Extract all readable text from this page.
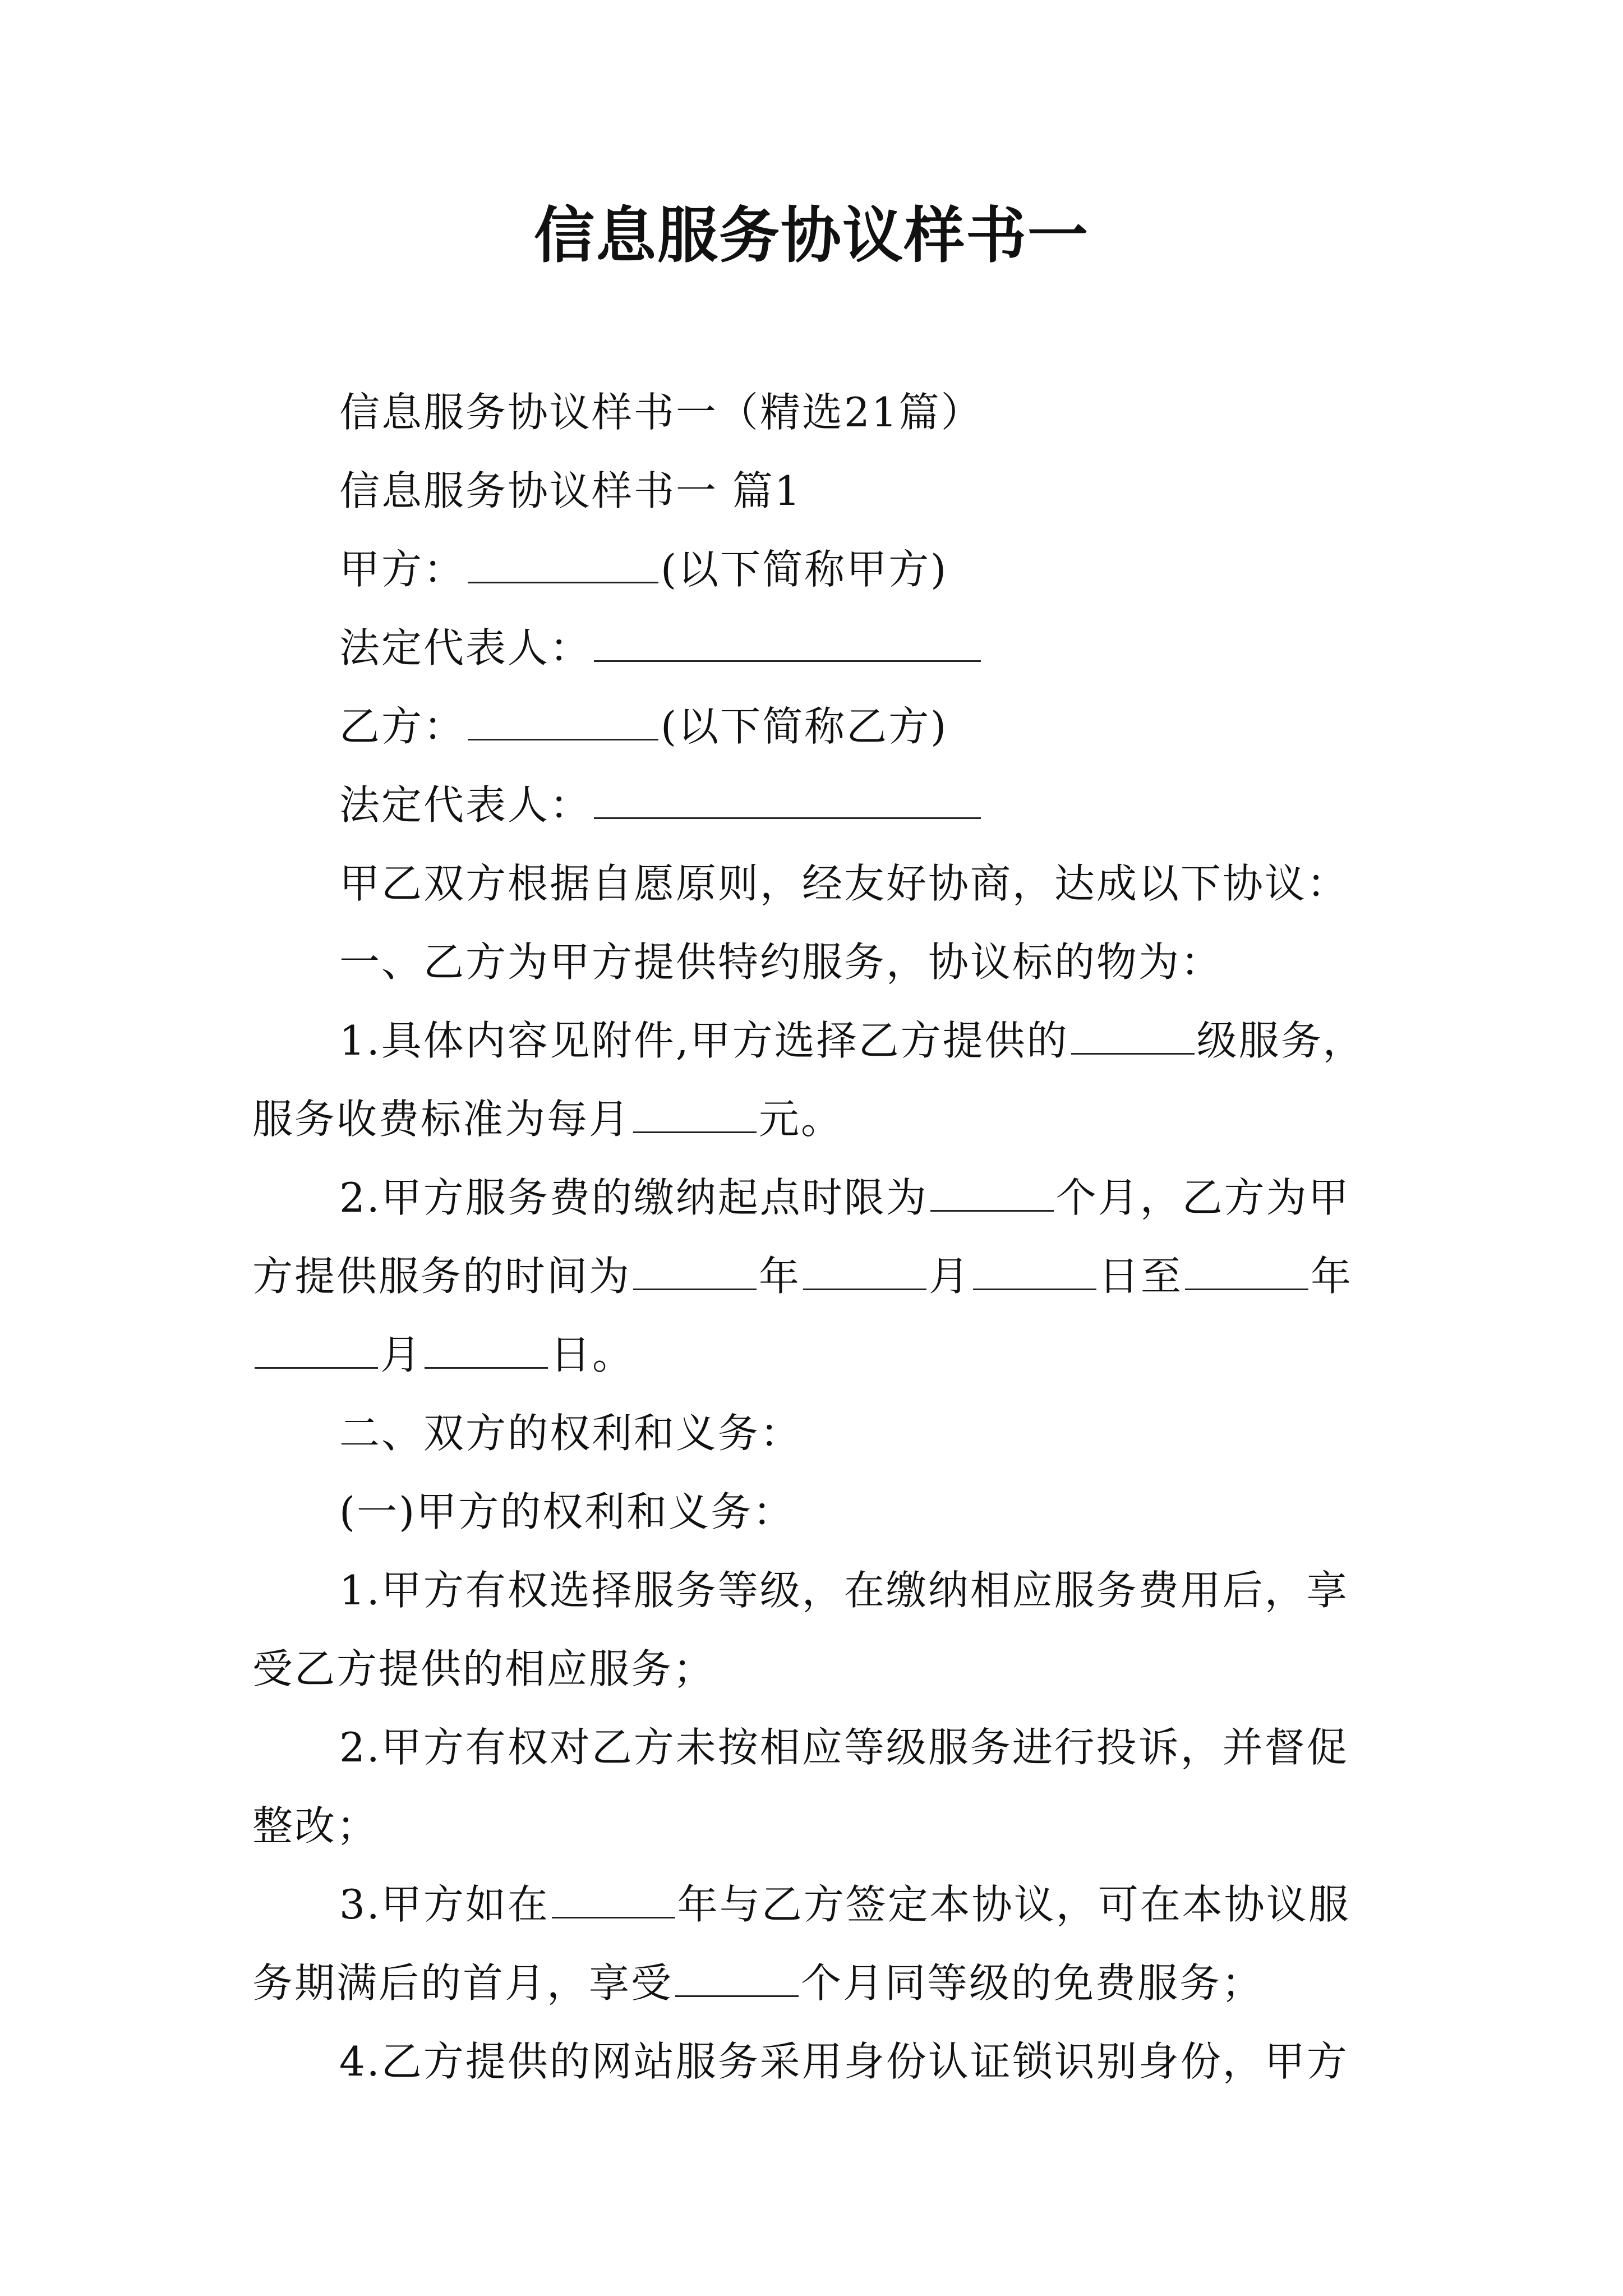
信息服务协议样书一

信息服务协议样书一（精选21篇）

信息服务协议样书一 篇1

甲方：	(以下简称甲方)

法定代表人：

乙方：	(以下简称乙方)

法定代表人：

甲乙双方根据自愿原则，经友好协商，达成以下协议：

一、乙方为甲方提供特约服务，协议标的物为：

1.具体内容见附件,甲方选择乙方提供的	级服务，

服务收费标准为每月	元。

2.甲方服务费的缴纳起点时限为	个月，乙方为甲

方提供服务的时间为	年	月	日至	年

月	日。

二、双方的权利和义务：

(一)甲方的权利和义务：

1.甲方有权选择服务等级，在缴纳相应服务费用后，享

受乙方提供的相应服务；

2.甲方有权对乙方未按相应等级服务进行投诉，并督促

整改；

3.甲方如在	年与乙方签定本协议，可在本协议服

务期满后的首月，享受	个月同等级的免费服务；

4.乙方提供的网站服务采用身份认证锁识别身份，甲方
